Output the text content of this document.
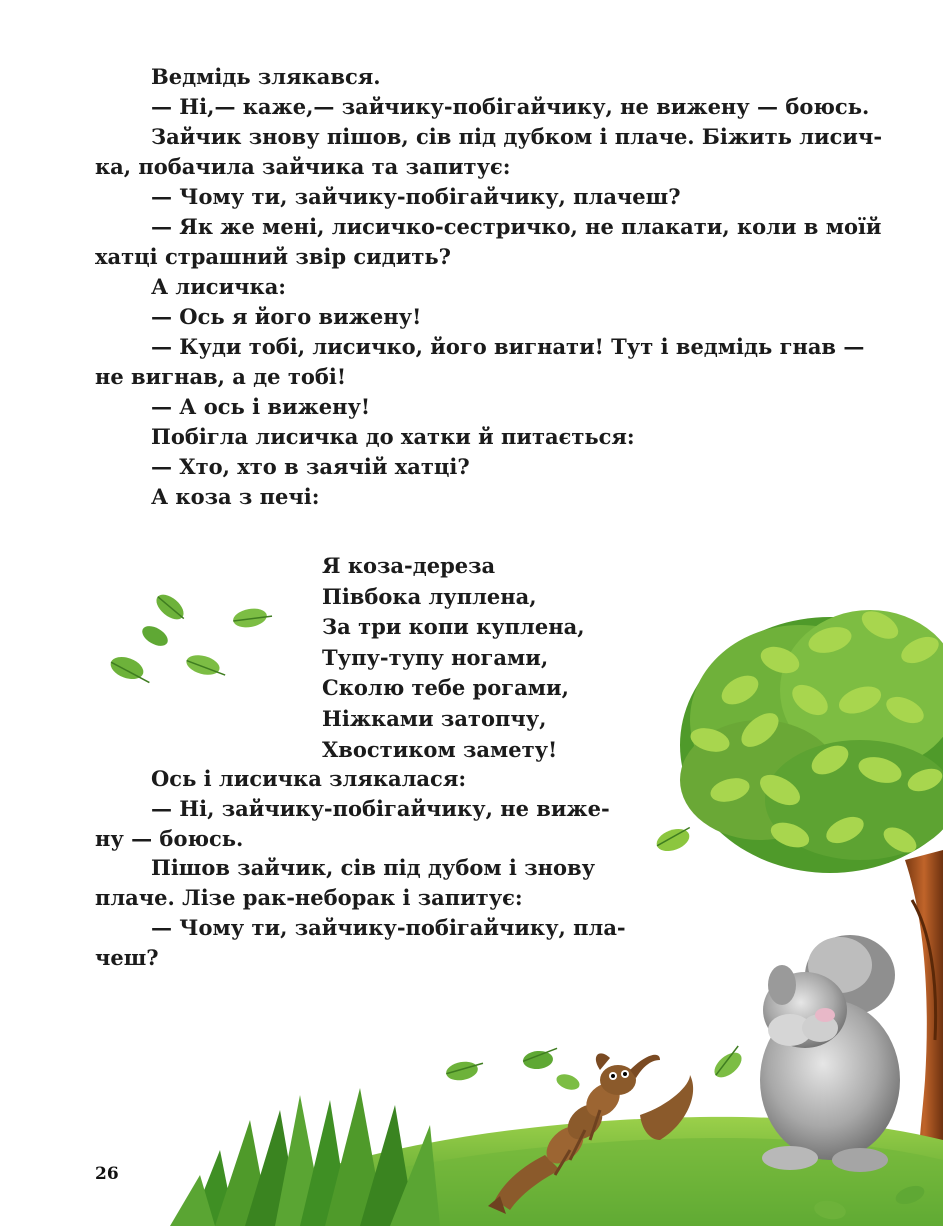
Ведмідь злякався.
— Ні,— каже,— зайчику-побігайчику, не вижену — боюсь.
Зайчик знову пішов, сів під дубком і плаче. Біжить лисич-
ка, побачила зайчика та запитує:
— Чому ти, зайчику-побігайчику, плачеш?
— Як же мені, лисичко-сестричко, не плакати, коли в моїй
хатці страшний звір сидить?
А лисичка:
— Ось я його вижену!
— Куди тобі, лисичко, його вигнати! Тут і ведмідь гнав —
не вигнав, а де тобі!
— А ось і вижену!
Побігла лисичка до хатки й питається:
— Хто, хто в заячій хатці?
А коза з печі:
Я коза-дереза
Півбока луплена,
За три копи куплена,
Тупу-тупу ногами,
Сколю тебе рогами,
Ніжками затопчу,
Хвостиком замету!
Ось і лисичка злякалася:
— Ні, зайчику-побігайчику, не вижe-
ну — боюсь.
Пішов зайчик, сів під дубом і знову
плаче. Лізе рак-неборак і запитує:
— Чому ти, зайчику-побігайчику, пла-
чеш?
26
